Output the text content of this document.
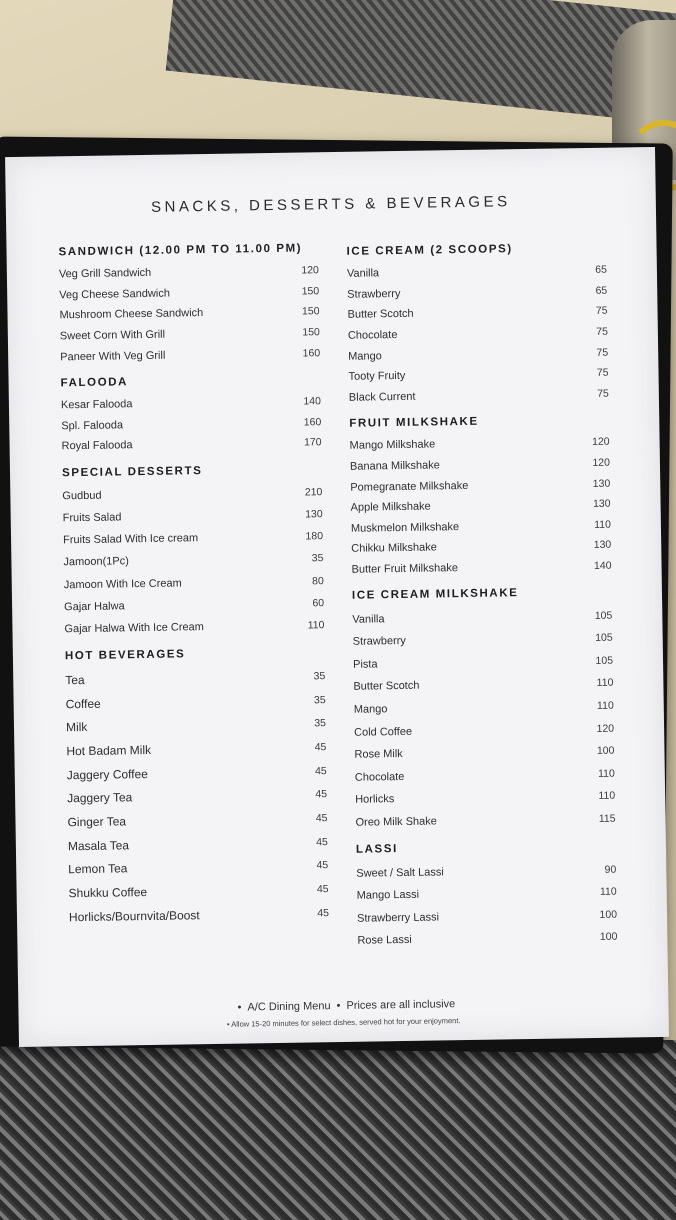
SNACKS, DESSERTS & BEVERAGES
SANDWICH (12.00 PM TO 11.00 PM)
Veg Grill Sandwich	120
Veg Cheese Sandwich	150
Mushroom Cheese Sandwich	150
Sweet Corn With Grill	150
Paneer With Veg Grill	160
FALOODA
Kesar Falooda	140
Spl. Falooda	160
Royal Falooda	170
SPECIAL DESSERTS
Gudbud	210
Fruits Salad	130
Fruits Salad With Ice cream	180
Jamoon(1Pc)	35
Jamoon With Ice Cream	80
Gajar Halwa	60
Gajar Halwa With Ice Cream	110
HOT BEVERAGES
Tea	35
Coffee	35
Milk	35
Hot Badam Milk	45
Jaggery Coffee	45
Jaggery Tea	45
Ginger Tea	45
Masala Tea	45
Lemon Tea	45
Shukku Coffee	45
Horlicks/Bournvita/Boost	45
ICE CREAM (2 SCOOPS)
Vanilla	65
Strawberry	65
Butter Scotch	75
Chocolate	75
Mango	75
Tooty Fruity	75
Black Current	75
FRUIT MILKSHAKE
Mango Milkshake	120
Banana Milkshake	120
Pomegranate Milkshake	130
Apple Milkshake	130
Muskmelon Milkshake	110
Chikku Milkshake	130
Butter Fruit Milkshake	140
ICE CREAM MILKSHAKE
Vanilla	105
Strawberry	105
Pista	105
Butter Scotch	110
Mango	110
Cold Coffee	120
Rose Milk	100
Chocolate	110
Horlicks	110
Oreo Milk Shake	115
LASSI
Sweet / Salt Lassi	90
Mango Lassi	110
Strawberry Lassi	100
Rose Lassi	100
• A/C Dining Menu • Prices are all inclusive
• Allow 15-20 minutes for select dishes, served hot for your enjoyment.
